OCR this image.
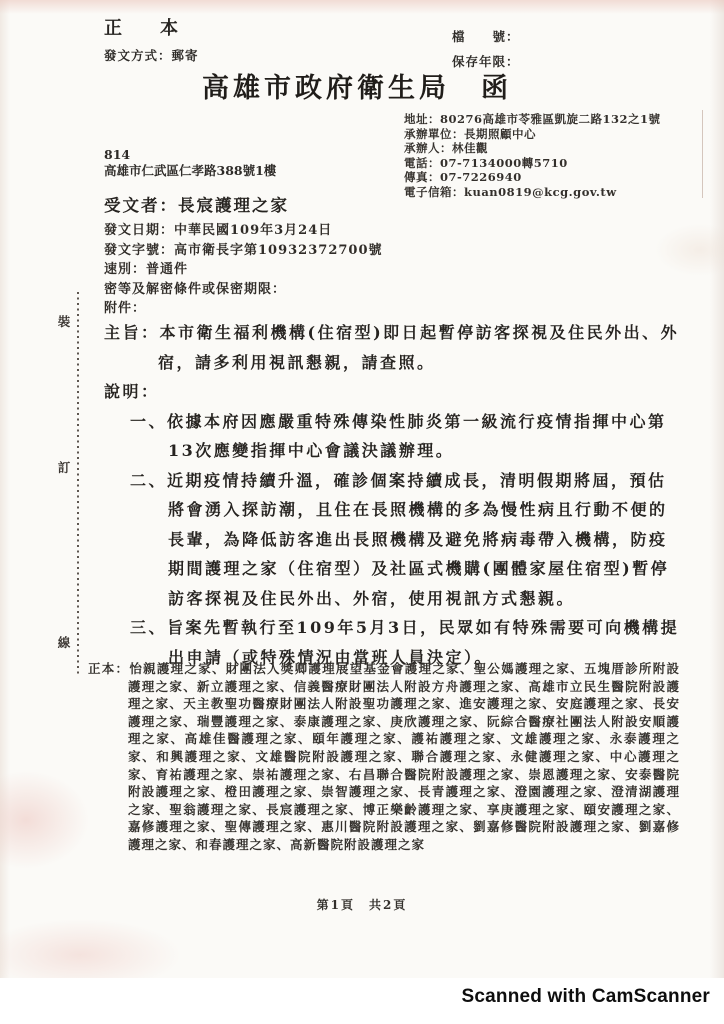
正　本
發文方式：郵寄
檔　　號：
保存年限：
高雄市政府衛生局　函
地址：80276高雄市苓雅區凱旋二路132之1號
承辦單位：長期照顧中心
承辦人：林佳觀
電話：07-7134000轉5710
傳真：07-7226940
電子信箱：kuan0819@kcg.gov.tw
814
高雄市仁武區仁孝路388號1樓
受文者：長宸護理之家
發文日期：中華民國109年3月24日
發文字號：高市衛長字第10932372700號
速別：普通件
密等及解密條件或保密期限：
附件：
主旨：本市衛生福利機構(住宿型)即日起暫停訪客探視及住民外出、外宿，請多利用視訊懇親，請查照。
說明：
一、依據本府因應嚴重特殊傳染性肺炎第一級流行疫情指揮中心第13次應變指揮中心會議決議辦理。
二、近期疫情持續升溫，確診個案持續成長，清明假期將屆，預估將會湧入探訪潮，且住在長照機構的多為慢性病且行動不便的長輩，為降低訪客進出長照機構及避免將病毒帶入機構，防疫期間護理之家（住宿型）及社區式機購(團體家屋住宿型)暫停訪客探視及住民外出、外宿，使用視訊方式懇親。
三、旨案先暫執行至109年5月3日，民眾如有特殊需要可向機構提出申請（或特殊情況由當班人員決定）。
正本：怡親護理之家、財團法人獎卿護理展望基金會護理之家、聖公媽護理之家、五塊厝診所附設護理之家、新立護理之家、信義醫療財團法人附設方舟護理之家、高雄市立民生醫院附設護理之家、天主教聖功醫療財團法人附設聖功護理之家、進安護理之家、安庭護理之家、長安護理之家、瑞豐護理之家、泰康護理之家、庚欣護理之家、阮綜合醫療社團法人附設安順護理之家、高雄佳醫護理之家、頤年護理之家、護祐護理之家、文雄護理之家、永泰護理之家、和興護理之家、文雄醫院附設護理之家、聯合護理之家、永健護理之家、中心護理之家、育祐護理之家、崇祐護理之家、右昌聯合醫院附設護理之家、崇恩護理之家、安泰醫院附設護理之家、橙田護理之家、崇智護理之家、長青護理之家、澄園護理之家、澄清湖護理之家、聖翁護理之家、長宸護理之家、博正樂齡護理之家、享庚護理之家、頤安護理之家、嘉修護理之家、聖傳護理之家、惠川醫院附設護理之家、劉嘉修醫院附設護理之家、劉嘉修護理之家、和春護理之家、高新醫院附設護理之家
第1頁　共2頁
裝
訂
線
Scanned with CamScanner
